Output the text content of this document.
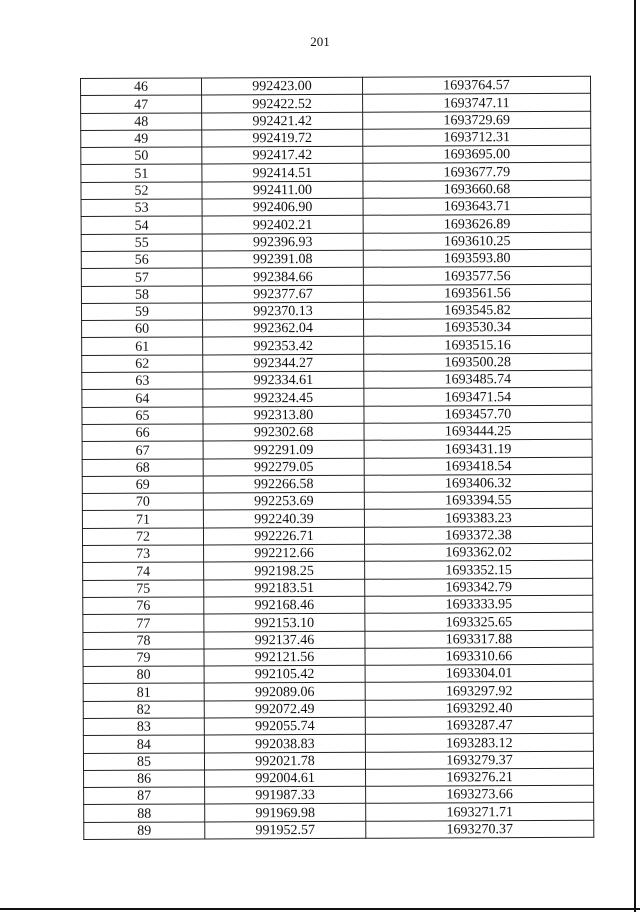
201
46	992423.00	1693764.57
47	992422.52	1693747.11
48	992421.42	1693729.69
49	992419.72	1693712.31
50	992417.42	1693695.00
51	992414.51	1693677.79
52	992411.00	1693660.68
53	992406.90	1693643.71
54	992402.21	1693626.89
55	992396.93	1693610.25
56	992391.08	1693593.80
57	992384.66	1693577.56
58	992377.67	1693561.56
59	992370.13	1693545.82
60	992362.04	1693530.34
61	992353.42	1693515.16
62	992344.27	1693500.28
63	992334.61	1693485.74
64	992324.45	1693471.54
65	992313.80	1693457.70
66	992302.68	1693444.25
67	992291.09	1693431.19
68	992279.05	1693418.54
69	992266.58	1693406.32
70	992253.69	1693394.55
71	992240.39	1693383.23
72	992226.71	1693372.38
73	992212.66	1693362.02
74	992198.25	1693352.15
75	992183.51	1693342.79
76	992168.46	1693333.95
77	992153.10	1693325.65
78	992137.46	1693317.88
79	992121.56	1693310.66
80	992105.42	1693304.01
81	992089.06	1693297.92
82	992072.49	1693292.40
83	992055.74	1693287.47
84	992038.83	1693283.12
85	992021.78	1693279.37
86	992004.61	1693276.21
87	991987.33	1693273.66
88	991969.98	1693271.71
89	991952.57	1693270.37
